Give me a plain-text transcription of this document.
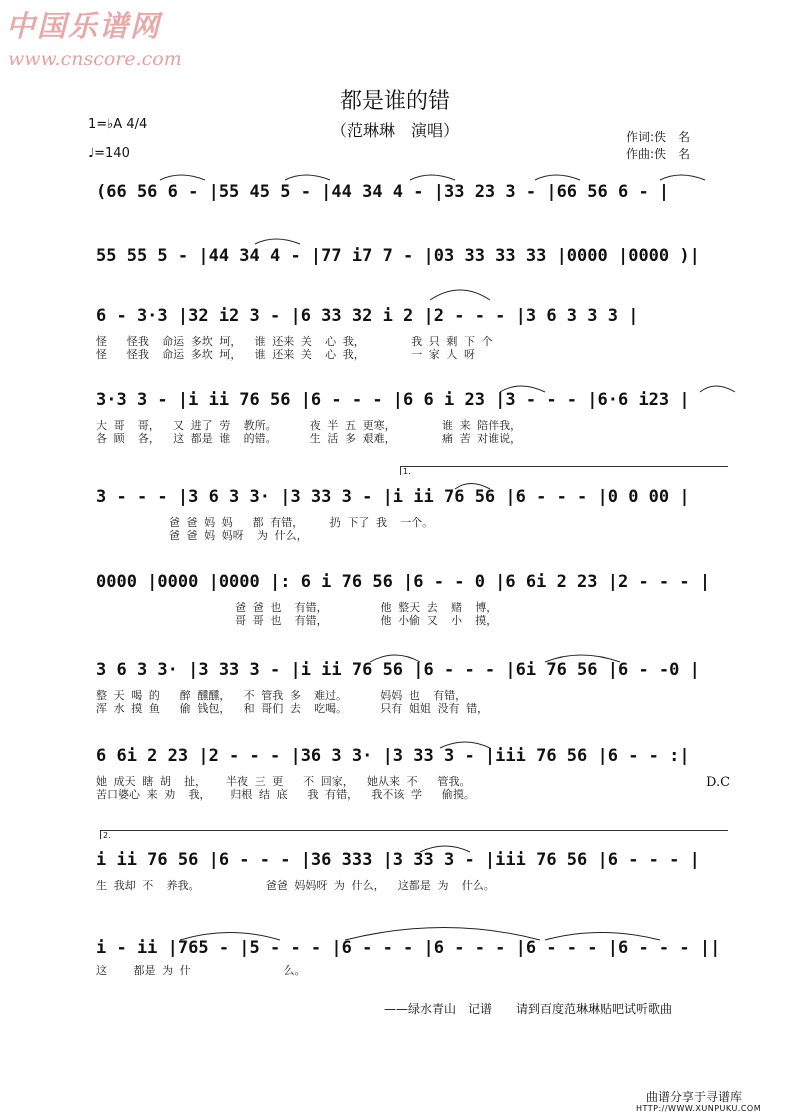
中国乐谱网
www.cnscore.com
都是谁的错
（范琳琳　演唱）	作词:佚　名
作曲:佚　名
1=♭A 4/4
♩=140
(66 56 6 - |55 45 5 - |44 34 4 - |33 23 3 - |66 56 6 - |
55 55 5 - |44 34 4 - |77 i7 7 - |03 33 33 33 |0000 |0000 )|
6 - 3·3 |32 i2 3 - |6 33 32 i 2 |2 - - - |3 6 3 3 3 |
怪   怪我  命运 多坎 坷，  谁 还来 关  心 我，       我 只 剩 下 个
怪   怪我  命运 多坎 坷，  谁 还来 关  心 我，       一 家 人 呀
3·3 3 - |i ii 76 56 |6 - - - |6 6 i 23 |3 - - - |6·6 i23 |
大 哥  哥，  又 进了 劳  教所。     夜 半 五 更寒，       谁 来 陪伴我，
各 顾  各，  这 都是 谁  的错。     生 活 多 艰难，       痛 苦 对谁说，
3 - - - |3 6 3 3· |3 33 3 - |i ii 76 56 |6 - - - |0 0 00 |
爸 爸 妈 妈   都 有错，    扔 下了 我  一个。
爸 爸 妈 妈呀  为 什么，
0000 |0000 |0000 |: 6 i 76 56 |6 - - 0 |6 6i 2 23 |2 - - - |
爸 爸 也  有错，        他 整天 去  赌  博，
哥 哥 也  有错，        他 小偷 又  小  摸，
3 6 3 3· |3 33 3 - |i ii 76 56 |6 - - - |6i 76 56 |6 - -0 |
整 天 喝 的   醉 醺醺，  不 管我 多  难过。     妈妈 也  有错，
浑 水 摸 鱼   偷 钱包，  和 哥们 去  吃喝。     只有 姐姐 没有 错，
6 6i 2 23 |2 - - - |36 3 3· |3 33 3 - |iii 76 56 |6 - - :|
她 成天 瞎 胡  扯，   半夜 三 更   不 回家，  她从来 不   管我。
苦口婆心 来 劝  我，   归根 结 底   我 有错，  我不该 学   偷摸。
i ii 76 56 |6 - - - |36 333 |3 33 3 - |iii 76 56 |6 - - - |
生 我却 不  养我。          爸爸 妈妈呀 为 什么，  这都是 为  什么。
i - ii |765 - |5 - - - |6 - - - |6 - - - |6 - - - |6 - - - ||
这    都是 为 什              么。
1.
2.
D.C
——绿水青山　记谱　　请到百度范琳琳贴吧试听歌曲
曲谱分享于寻谱库
HTTP://WWW.XUNPUKU.COM
